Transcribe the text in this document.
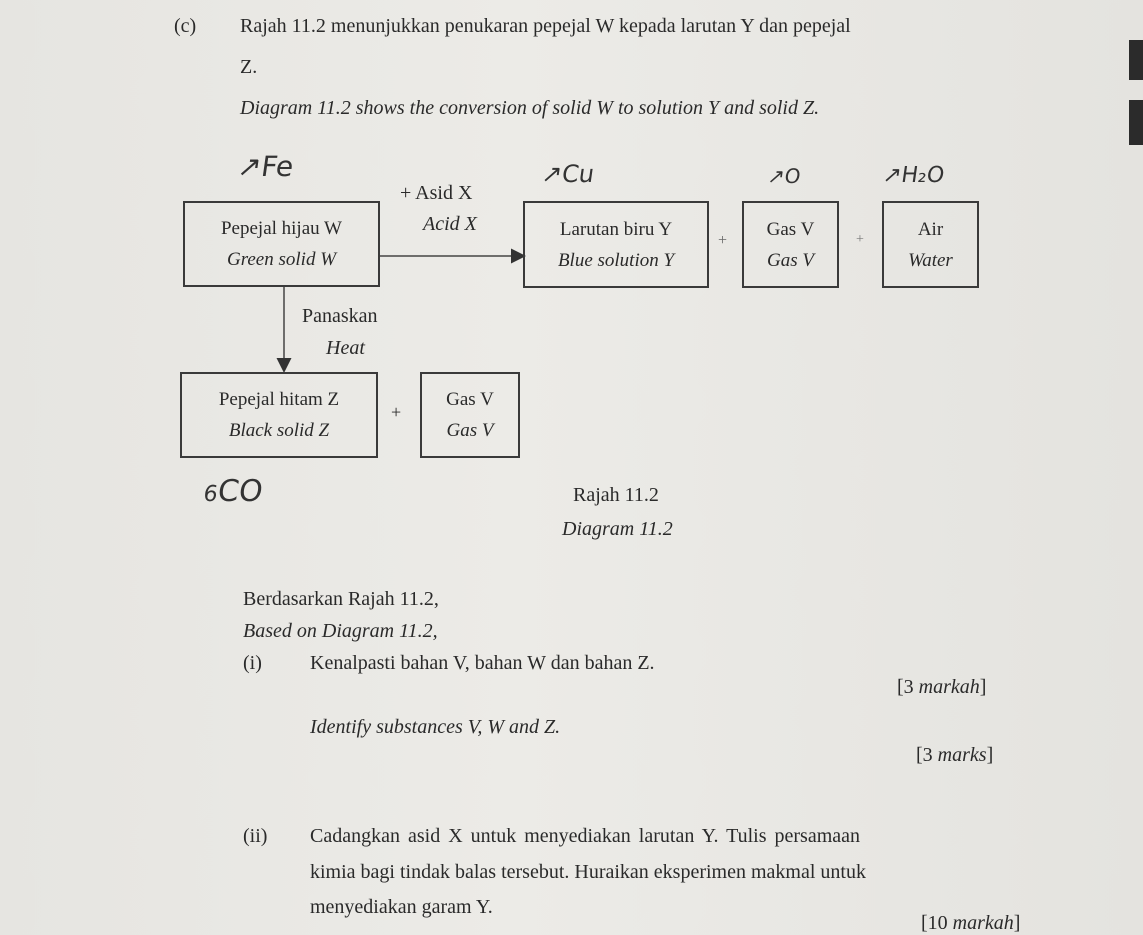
(c) Rajah 11.2 menunjukkan penukaran pepejal W kepada larutan Y dan pepejal
Z.
Diagram 11.2 shows the conversion of solid W to solution Y and solid Z.
↗Fe	↗Cu	↗O	↗H₂O
6CO
+ Asid X
Acid X
Panaskan
Heat
Pepejal hijau W
Green solid W
Larutan biru Y
Blue solution Y
+
Gas V
Gas V
+	Air
Water
Pepejal hitam Z
Black solid Z
+
Gas V
Gas V
Rajah 11.2
Diagram 11.2
Berdasarkan Rajah 11.2,
Based on Diagram 11.2,
(i) Kenalpasti bahan V, bahan W dan bahan Z.
[3 markah]
Identify substances V, W and Z.
[3 marks]
(ii) Cadangkan asid X untuk menyediakan larutan Y. Tulis persamaan
kimia bagi tindak balas tersebut. Huraikan eksperimen makmal untuk
menyediakan garam Y.
[10 markah]
